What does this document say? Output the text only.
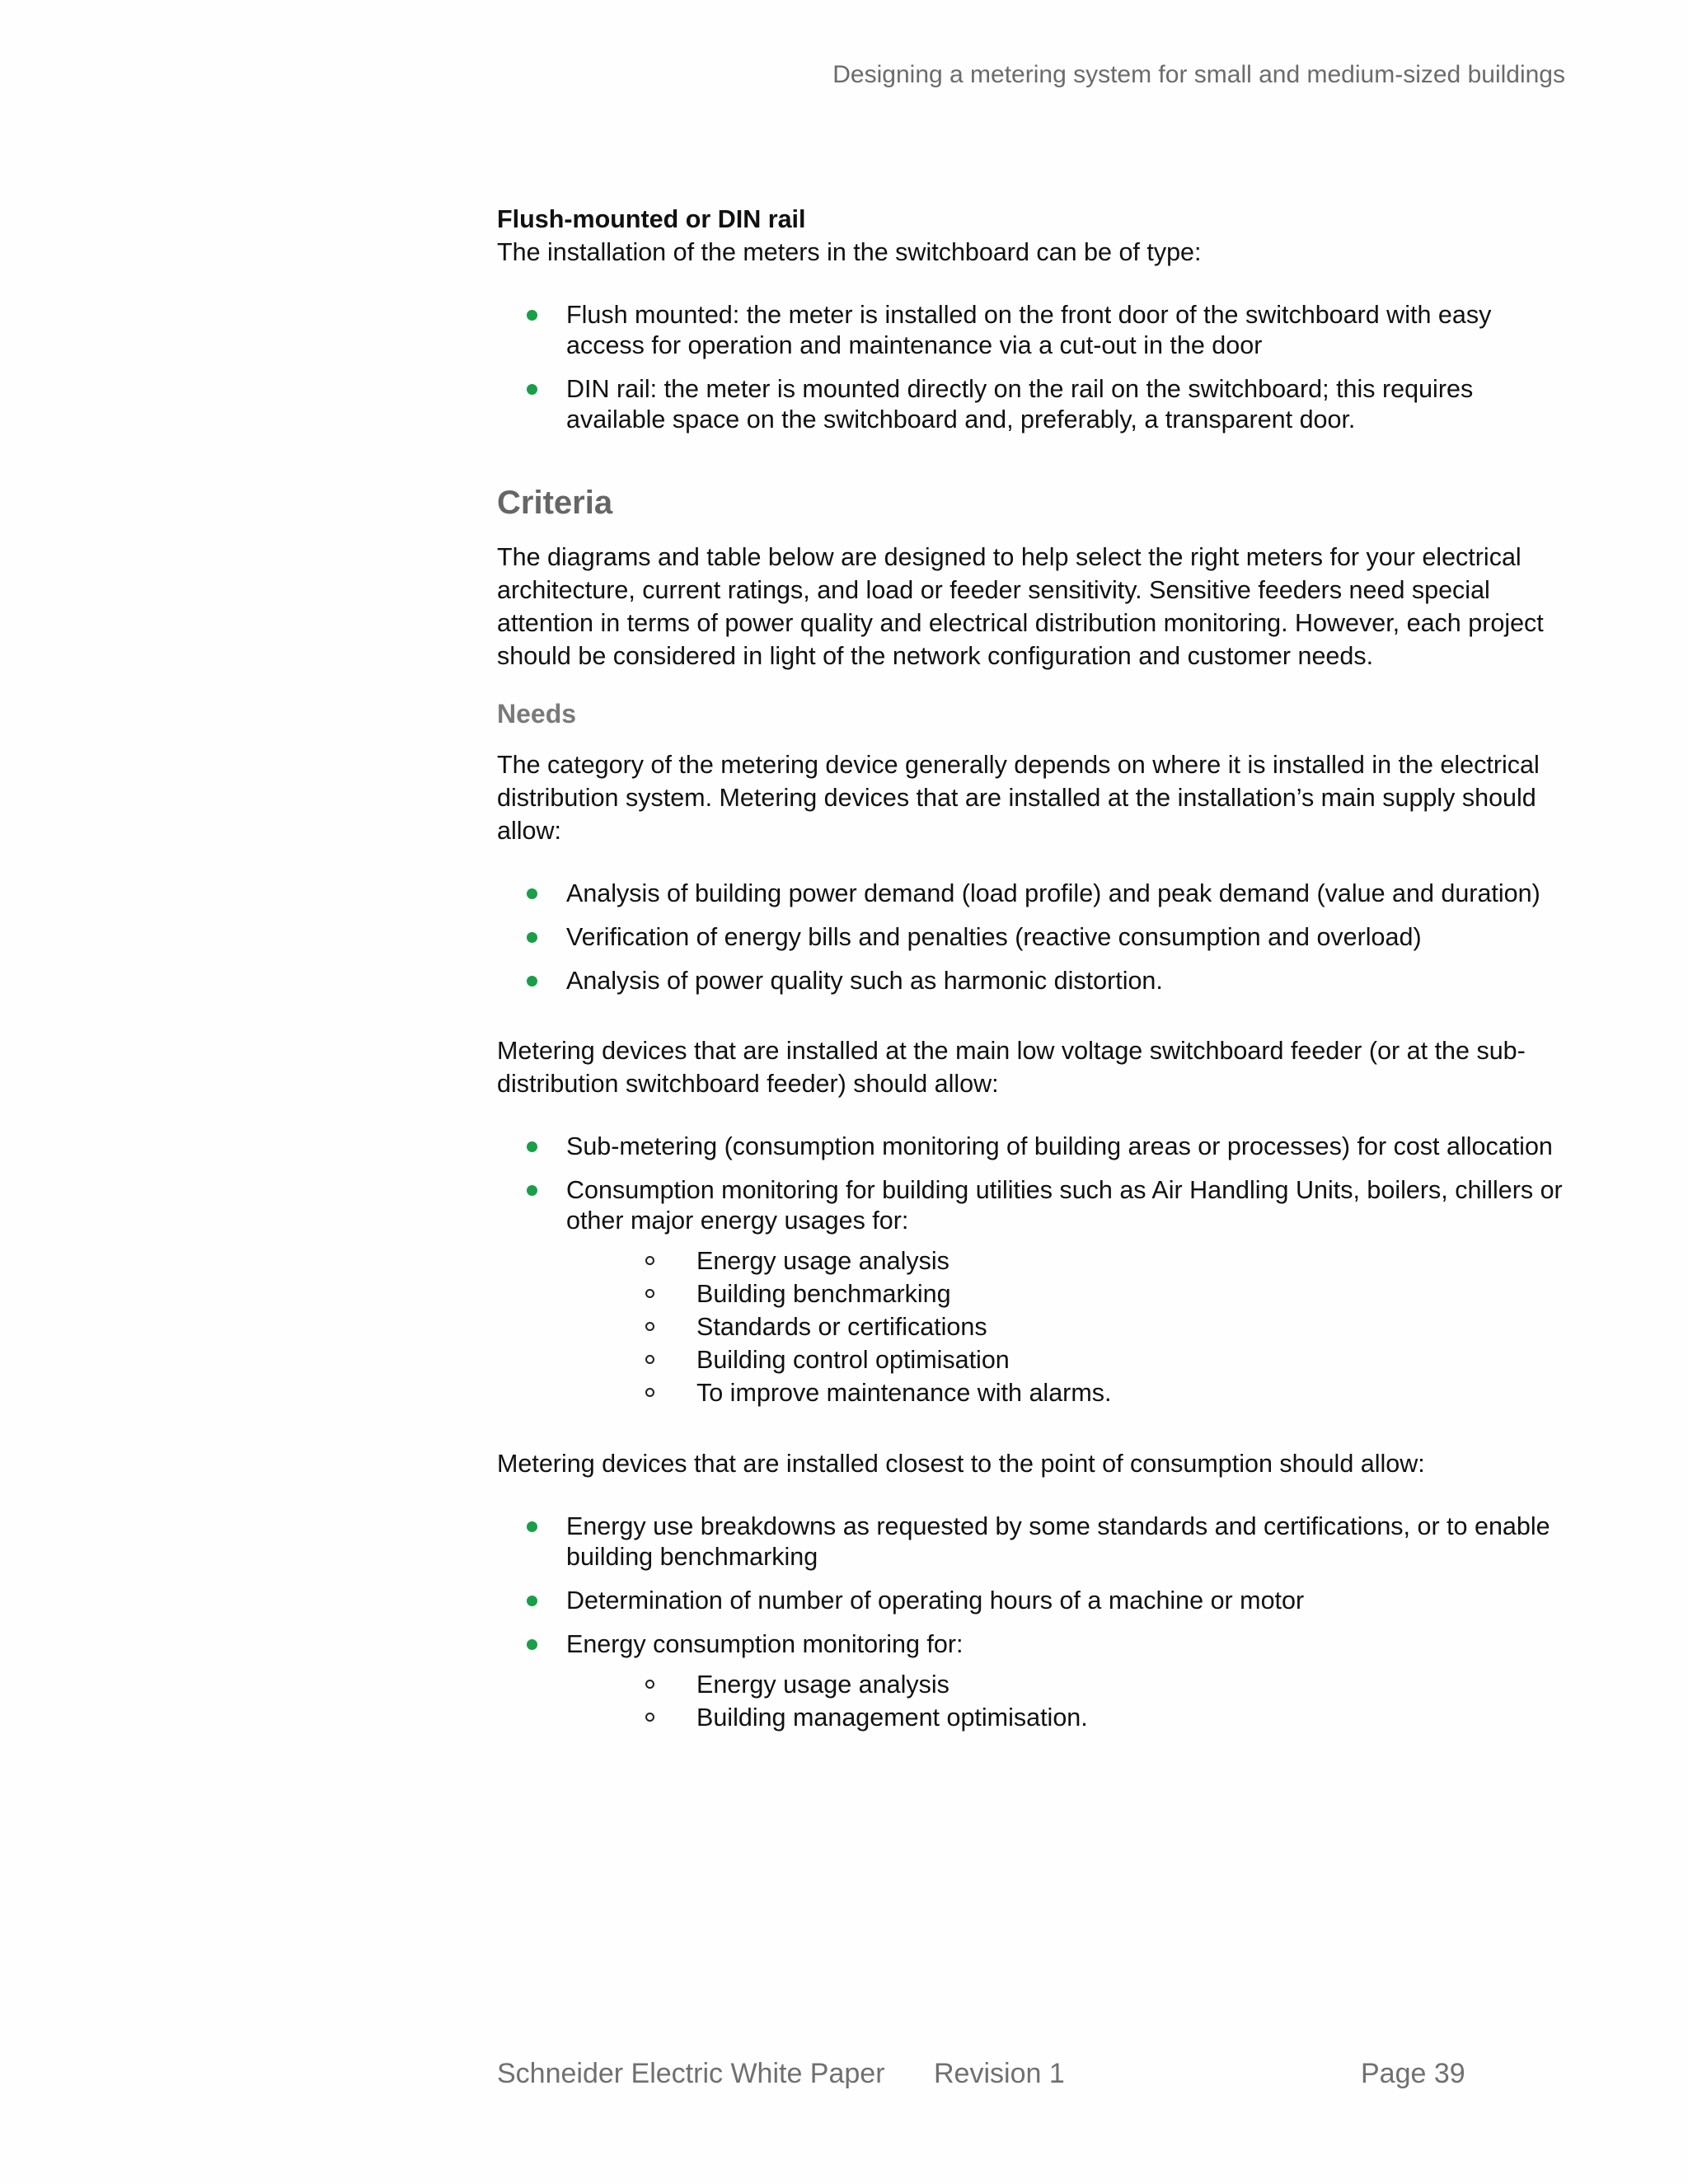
Designing a metering system for small and medium-sized buildings

Flush-mounted or DIN rail

The installation of the meters in the switchboard can be of type:

Flush mounted: the meter is installed on the front door of the switchboard with easy access for operation and maintenance via a cut-out in the door
DIN rail: the meter is mounted directly on the rail on the switchboard; this requires available space on the switchboard and, preferably, a transparent door.
Criteria

The diagrams and table below are designed to help select the right meters for your electrical architecture, current ratings, and load or feeder sensitivity. Sensitive feeders need special attention in terms of power quality and electrical distribution monitoring. However, each project should be considered in light of the network configuration and customer needs.

Needs

The category of the metering device generally depends on where it is installed in the electrical distribution system. Metering devices that are installed at the installation’s main supply should allow:

Analysis of building power demand (load profile) and peak demand (value and duration)
Verification of energy bills and penalties (reactive consumption and overload)
Analysis of power quality such as harmonic distortion.

Metering devices that are installed at the main low voltage switchboard feeder (or at the sub-distribution switchboard feeder) should allow:

Sub-metering (consumption monitoring of building areas or processes) for cost allocation
Consumption monitoring for building utilities such as Air Handling Units, boilers, chillers or other major energy usages for:
Energy usage analysis
Building benchmarking
Standards or certifications
Building control optimisation
To improve maintenance with alarms.

Metering devices that are installed closest to the point of consumption should allow:

Energy use breakdowns as requested by some standards and certifications, or to enable building benchmarking
Determination of number of operating hours of a machine or motor
Energy consumption monitoring for:
Energy usage analysis
Building management optimisation.
Schneider Electric White Paper Revision 1	Page 39
